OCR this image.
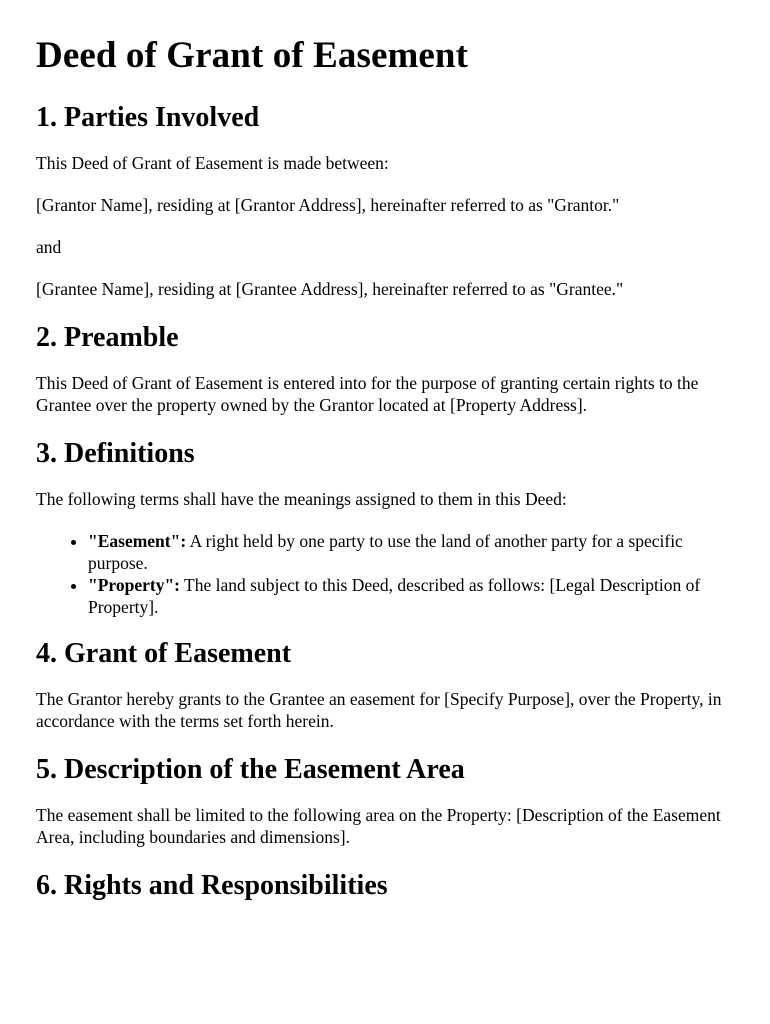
Deed of Grant of Easement
1. Parties Involved

This Deed of Grant of Easement is made between:

[Grantor Name], residing at [Grantor Address], hereinafter referred to as "Grantor."

and

[Grantee Name], residing at [Grantee Address], hereinafter referred to as "Grantee."

2. Preamble

This Deed of Grant of Easement is entered into for the purpose of granting certain rights to the Grantee over the property owned by the Grantor located at [Property Address].

3. Definitions

The following terms shall have the meanings assigned to them in this Deed:

• "Easement": A right held by one party to use the land of another party for a specific purpose.
• "Property": The land subject to this Deed, described as follows: [Legal Description of Property].
4. Grant of Easement

The Grantor hereby grants to the Grantee an easement for [Specify Purpose], over the Property, in accordance with the terms set forth herein.

5. Description of the Easement Area

The easement shall be limited to the following area on the Property: [Description of the Easement Area, including boundaries and dimensions].

6. Rights and Responsibilities
